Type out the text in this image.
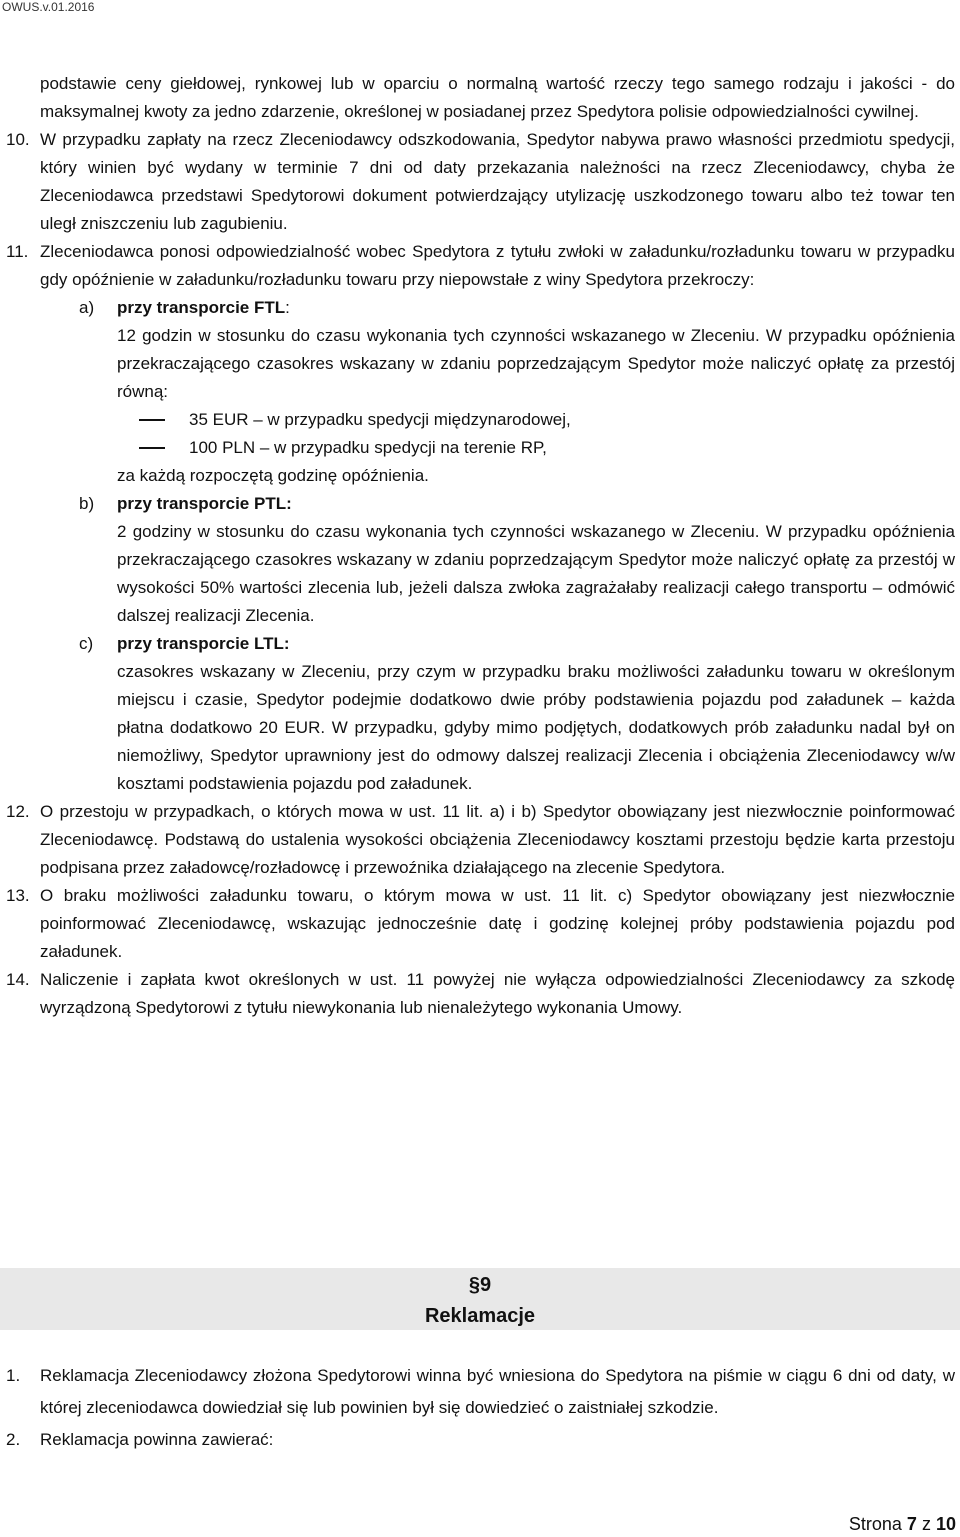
OWUS.v.01.2016

podstawie ceny giełdowej, rynkowej lub w oparciu o normalną wartość rzeczy tego samego rodzaju i jakości - do maksymalnej kwoty za jedno zdarzenie, określonej w posiadanej przez Spedytora polisie odpowiedzialności cywilnej.

10. W przypadku zapłaty na rzecz Zleceniodawcy odszkodowania, Spedytor nabywa prawo własności przedmiotu spedycji, który winien być wydany w terminie 7 dni od daty przekazania należności na rzecz Zleceniodawcy, chyba że Zleceniodawca przedstawi Spedytorowi dokument potwierdzający utylizację uszkodzonego towaru albo też towar ten uległ zniszczeniu lub zagubieniu.

11. Zleceniodawca ponosi odpowiedzialność wobec Spedytora z tytułu zwłoki w załadunku/rozładunku towaru w przypadku gdy opóźnienie w załadunku/rozładunku towaru przy niepowstałe z winy Spedytora przekroczy:

a) przy transporcie FTL:

12 godzin w stosunku do czasu wykonania tych czynności wskazanego w Zleceniu. W przypadku opóźnienia przekraczającego czasokres wskazany w zdaniu poprzedzającym Spedytor może naliczyć opłatę za przestój równą:

35 EUR – w przypadku spedycji międzynarodowej,
100 PLN – w przypadku spedycji na terenie RP,

za każdą rozpoczętą godzinę opóźnienia.

b) przy transporcie PTL:

2 godziny w stosunku do czasu wykonania tych czynności wskazanego w Zleceniu. W przypadku opóźnienia przekraczającego czasokres wskazany w zdaniu poprzedzającym Spedytor może naliczyć opłatę za przestój w wysokości 50% wartości zlecenia lub, jeżeli dalsza zwłoka zagrażałaby realizacji całego transportu – odmówić dalszej realizacji Zlecenia.

c) przy transporcie LTL:

czasokres wskazany w Zleceniu, przy czym w przypadku braku możliwości załadunku towaru w określonym miejscu i czasie, Spedytor podejmie dodatkowo dwie próby podstawienia pojazdu pod załadunek – każda płatna dodatkowo 20 EUR. W przypadku, gdyby mimo podjętych, dodatkowych prób załadunku nadal był on niemożliwy, Spedytor uprawniony jest do odmowy dalszej realizacji Zlecenia i obciążenia Zleceniodawcy w/w kosztami podstawienia pojazdu pod załadunek.

12. O przestoju w przypadkach, o których mowa w ust. 11 lit. a) i b) Spedytor obowiązany jest niezwłocznie poinformować Zleceniodawcę. Podstawą do ustalenia wysokości obciążenia Zleceniodawcy kosztami przestoju będzie karta przestoju podpisana przez załadowcę/rozładowcę i przewoźnika działającego na zlecenie Spedytora.

13. O braku możliwości załadunku towaru, o którym mowa w ust. 11 lit. c) Spedytor obowiązany jest niezwłocznie poinformować Zleceniodawcę, wskazując jednocześnie datę i godzinę kolejnej próby podstawienia pojazdu pod załadunek.

14. Naliczenie i zapłata kwot określonych w ust. 11 powyżej nie wyłącza odpowiedzialności Zleceniodawcy za szkodę wyrządzoną Spedytorowi z tytułu niewykonania lub nienależytego wykonania Umowy.

§9
Reklamacje
1. Reklamacja Zleceniodawcy złożona Spedytorowi winna być wniesiona do Spedytora na piśmie w ciągu 6 dni od daty, w której zleceniodawca dowiedział się lub powinien był się dowiedzieć o zaistniałej szkodzie.

2. Reklamacja powinna zawierać:

Strona 7 z 10
